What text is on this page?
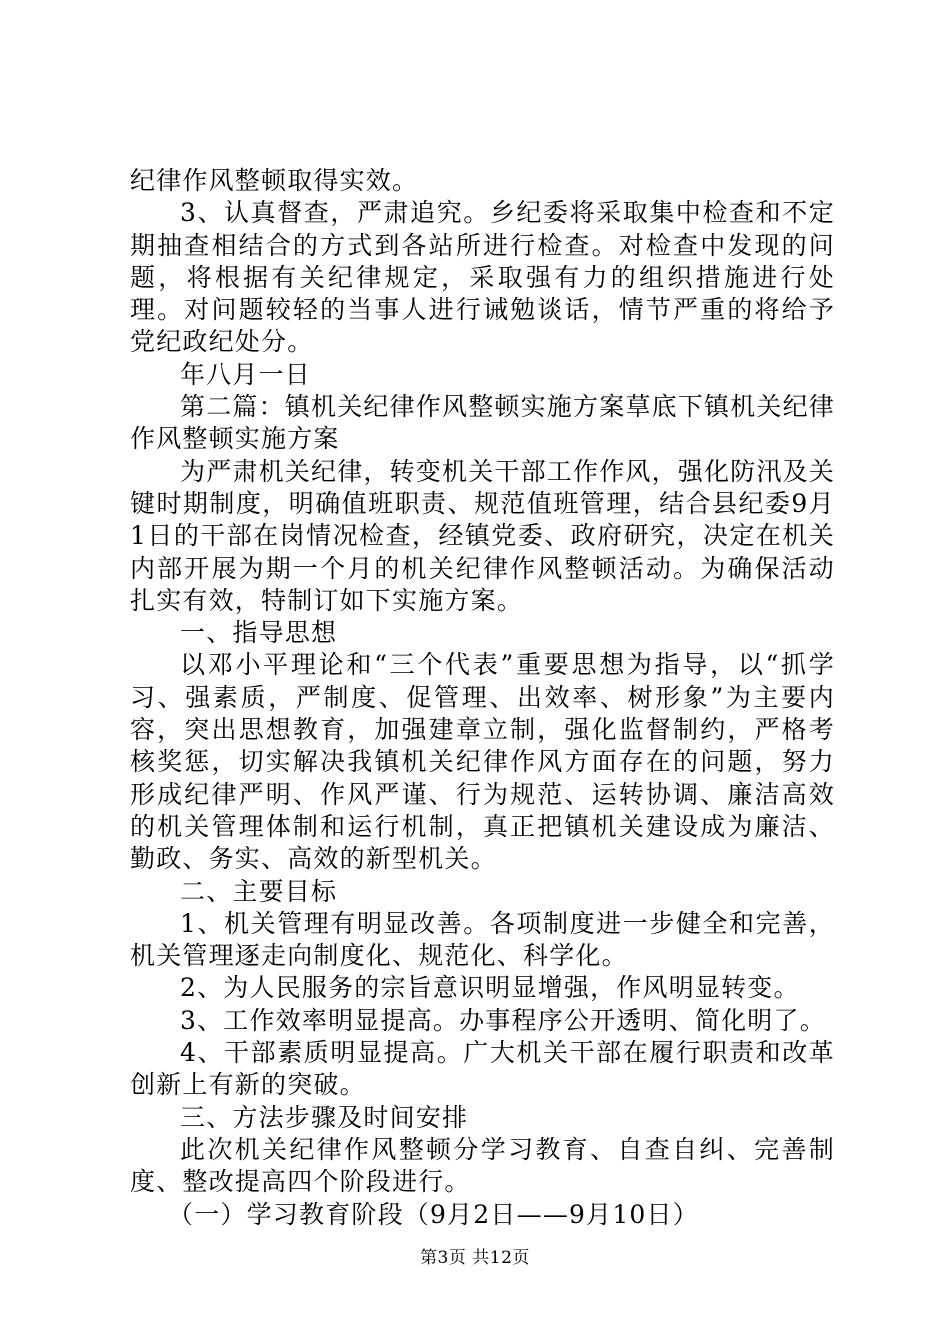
纪律作风整顿取得实效。

3、认真督查，严肃追究。乡纪委将采取集中检查和不定期抽查相结合的方式到各站所进行检查。对检查中发现的问题，将根据有关纪律规定，采取强有力的组织措施进行处理。对问题较轻的当事人进行诫勉谈话，情节严重的将给予党纪政纪处分。

年八月一日

第二篇：镇机关纪律作风整顿实施方案䓍底下镇机关纪律作风整顿实施方案

为严肃机关纪律，转变机关干部工作作风，强化防汛及关键时期制度，明确值班职责、规范值班管理，结合县纪委9月1日的干部在岗情况检查，经镇党委、政府研究，决定在机关内部开展为期一个月的机关纪律作风整顿活动。为确保活动扎实有效，特制订如下实施方案。

一、指导思想

以邓小平理论和“三个代表”重要思想为指导，以“抓学习、强素质，严制度、促管理、出效率、树形象”为主要内容，突出思想教育，加强建章立制，强化监督制约，严格考核奖惩，切实解决我镇机关纪律作风方面存在的问题，努力形成纪律严明、作风严谨、行为规范、运转协调、廉洁高效的机关管理体制和运行机制，真正把镇机关建设成为廉洁、勤政、务实、高效的新型机关。

二、主要目标

1、机关管理有明显改善。各项制度进一步健全和完善，机关管理逐走向制度化、规范化、科学化。

2、为人民服务的宗旨意识明显增强，作风明显转变。

3、工作效率明显提高。办事程序公开透明、简化明了。

4、干部素质明显提高。广大机关干部在履行职责和改革创新上有新的突破。

三、方法步骤及时间安排

此次机关纪律作风整顿分学习教育、自查自纠、完善制度、整改提高四个阶段进行。

（一）学习教育阶段（9月2日——9月10日）

第3页 共12页
